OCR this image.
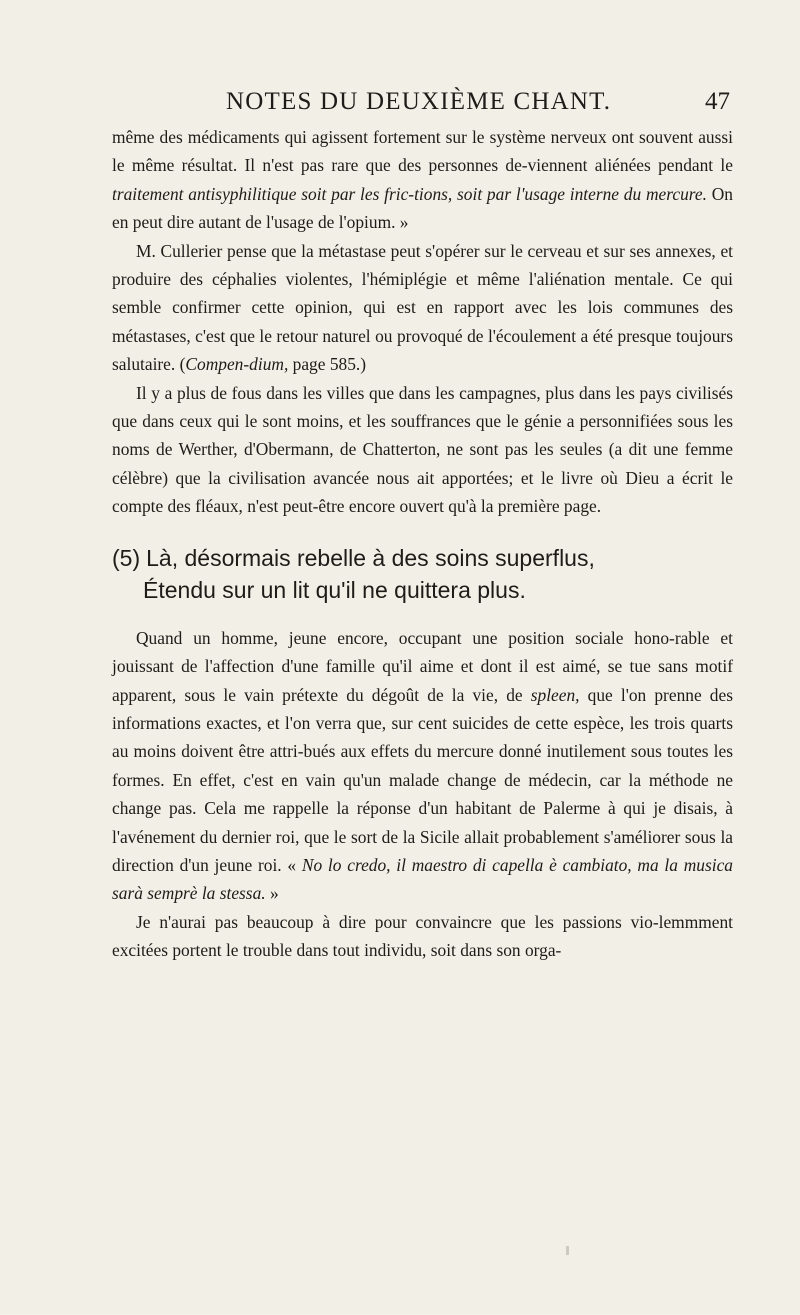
NOTES DU DEUXIÈME CHANT.	47

même des médicaments qui agissent fortement sur le système nerveux ont souvent aussi le même résultat. Il n'est pas rare que des personnes de-viennent aliénées pendant le traitement antisyphilitique soit par les fric-tions, soit par l'usage interne du mercure. On en peut dire autant de l'usage de l'opium. »

M. Cullerier pense que la métastase peut s'opérer sur le cerveau et sur ses annexes, et produire des céphalies violentes, l'hémiplégie et même l'aliénation mentale. Ce qui semble confirmer cette opinion, qui est en rapport avec les lois communes des métastases, c'est que le retour naturel ou provoqué de l'écoulement a été presque toujours salutaire. (Compen-dium, page 585.)

Il y a plus de fous dans les villes que dans les campagnes, plus dans les pays civilisés que dans ceux qui le sont moins, et les souffrances que le génie a personnifiées sous les noms de Werther, d'Obermann, de Chatterton, ne sont pas les seules (a dit une femme célèbre) que la civilisation avancée nous ait apportées; et le livre où Dieu a écrit le compte des fléaux, n'est peut-être encore ouvert qu'à la première page.

(5) Là, désormais rebelle à des soins superflus,
Étendu sur un lit qu'il ne quittera plus.

Quand un homme, jeune encore, occupant une position sociale hono-rable et jouissant de l'affection d'une famille qu'il aime et dont il est aimé, se tue sans motif apparent, sous le vain prétexte du dégoût de la vie, de spleen, que l'on prenne des informations exactes, et l'on verra que, sur cent suicides de cette espèce, les trois quarts au moins doivent être attri-bués aux effets du mercure donné inutilement sous toutes les formes. En effet, c'est en vain qu'un malade change de médecin, car la méthode ne change pas. Cela me rappelle la réponse d'un habitant de Palerme à qui je disais, à l'avénement du dernier roi, que le sort de la Sicile allait probablement s'améliorer sous la direction d'un jeune roi. « No lo credo, il maestro di capella è cambiato, ma la musica sarà semprè la stessa. »

Je n'aurai pas beaucoup à dire pour convaincre que les passions vio-lemmment excitées portent le trouble dans tout individu, soit dans son orga-
